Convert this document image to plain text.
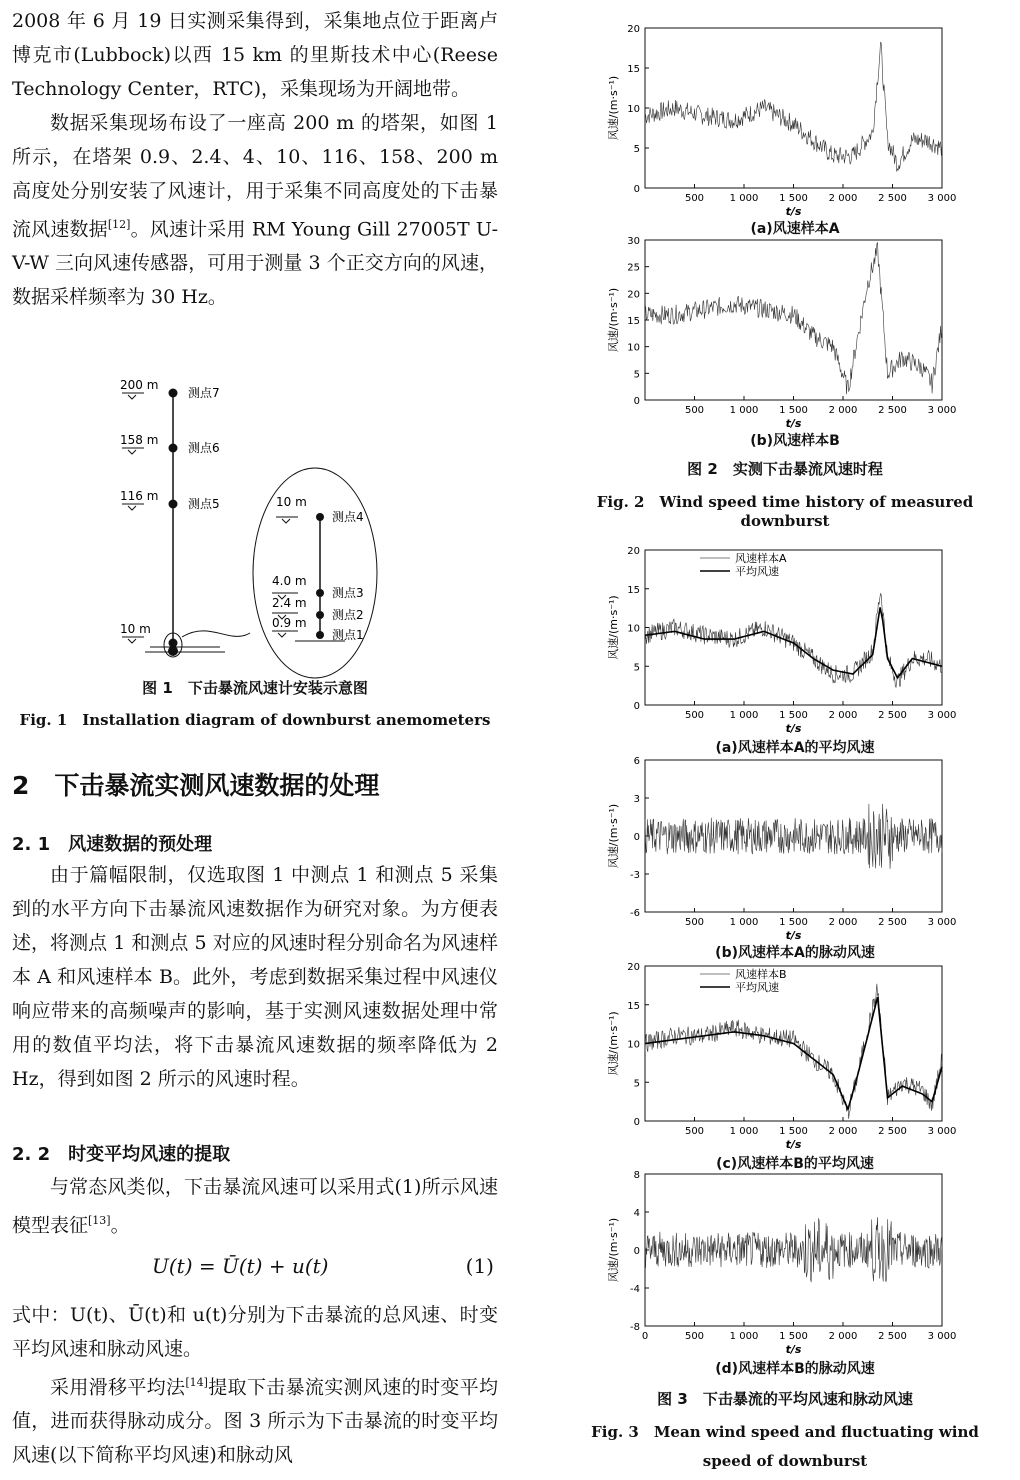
2008 年 6 月 19 日实测采集得到，采集地点位于距离卢博克市(Lubbock)以西 15 km 的里斯技术中心(Reese Technology Center，RTC)，采集现场为开阔地带。

数据采集现场布设了一座高 200 m 的塔架，如图 1 所示，在塔架 0.9、2.4、4、10、116、158、200 m 高度处分别安装了风速计，用于采集不同高度处的下击暴流风速数据[12]。风速计采用 RM Young Gill 27005T U-V-W 三向风速传感器，可用于测量 3 个正交方向的风速，数据采样频率为 30 Hz。

200 m
测点7
158 m
测点6
116 m
测点5
10 m
10 m
测点4
4.0 m
测点3
2.4 m
测点2
0.9 m
测点1
图 1　下击暴流风速计安装示意图
Fig. 1　Installation diagram of downburst anemometers
2　下击暴流实测风速数据的处理
2. 1　风速数据的预处理

由于篇幅限制，仅选取图 1 中测点 1 和测点 5 采集到的水平方向下击暴流风速数据作为研究对象。为方便表述，将测点 1 和测点 5 对应的风速时程分别命名为风速样本 A 和风速样本 B。此外，考虑到数据采集过程中风速仪响应带来的高频噪声的影响，基于实测风速数据处理中常用的数值平均法，将下击暴流风速数据的频率降低为 2 Hz，得到如图 2 所示的风速时程。

2. 2　时变平均风速的提取

与常态风类似，下击暴流风速可以采用式(1)所示风速模型表征[13]。

U(t) = Ū(t) + u(t)	(1)

式中：U(t)、Ū(t)和 u(t)分别为下击暴流的总风速、时变平均风速和脉动风速。

采用滑移平均法[14]提取下击暴流实测风速的时变平均值，进而获得脉动成分。图 3 所示为下击暴流的时变平均风速(以下简称平均风速)和脉动风

0
5
10
15
20
500	1 000 1 500 2 000 2 500 3 000
t/s
风速/(m·s⁻¹)
(a)风速样本A
0
5
10
15
20
25
30
500	1 000 1 500 2 000 2 500 3 000
t/s
风速/(m·s⁻¹)
(b)风速样本B
图 2　实测下击暴流风速时程
Fig. 2　Wind speed time history of measured downburst
0
5
10
15
20
500	1 000 1 500 2 000 2 500 3 000
t/s
风速/(m·s⁻¹)
风速样本A
平均风速
(a)风速样本A的平均风速
-6
-3
0
3
6
500	1 000 1 500 2 000 2 500 3 000
t/s
风速/(m·s⁻¹)
(b)风速样本A的脉动风速
0
5
10
15
20
500	1 000 1 500 2 000 2 500 3 000
t/s
风速/(m·s⁻¹)
风速样本B
平均风速
(c)风速样本B的平均风速
-8
-4
0
4
8
0	500	1 000 1 500 2 000 2 500 3 000
t/s
风速/(m·s⁻¹)
(d)风速样本B的脉动风速
图 3　下击暴流的平均风速和脉动风速
Fig. 3　Mean wind speed and fluctuating wind
speed of downburst
